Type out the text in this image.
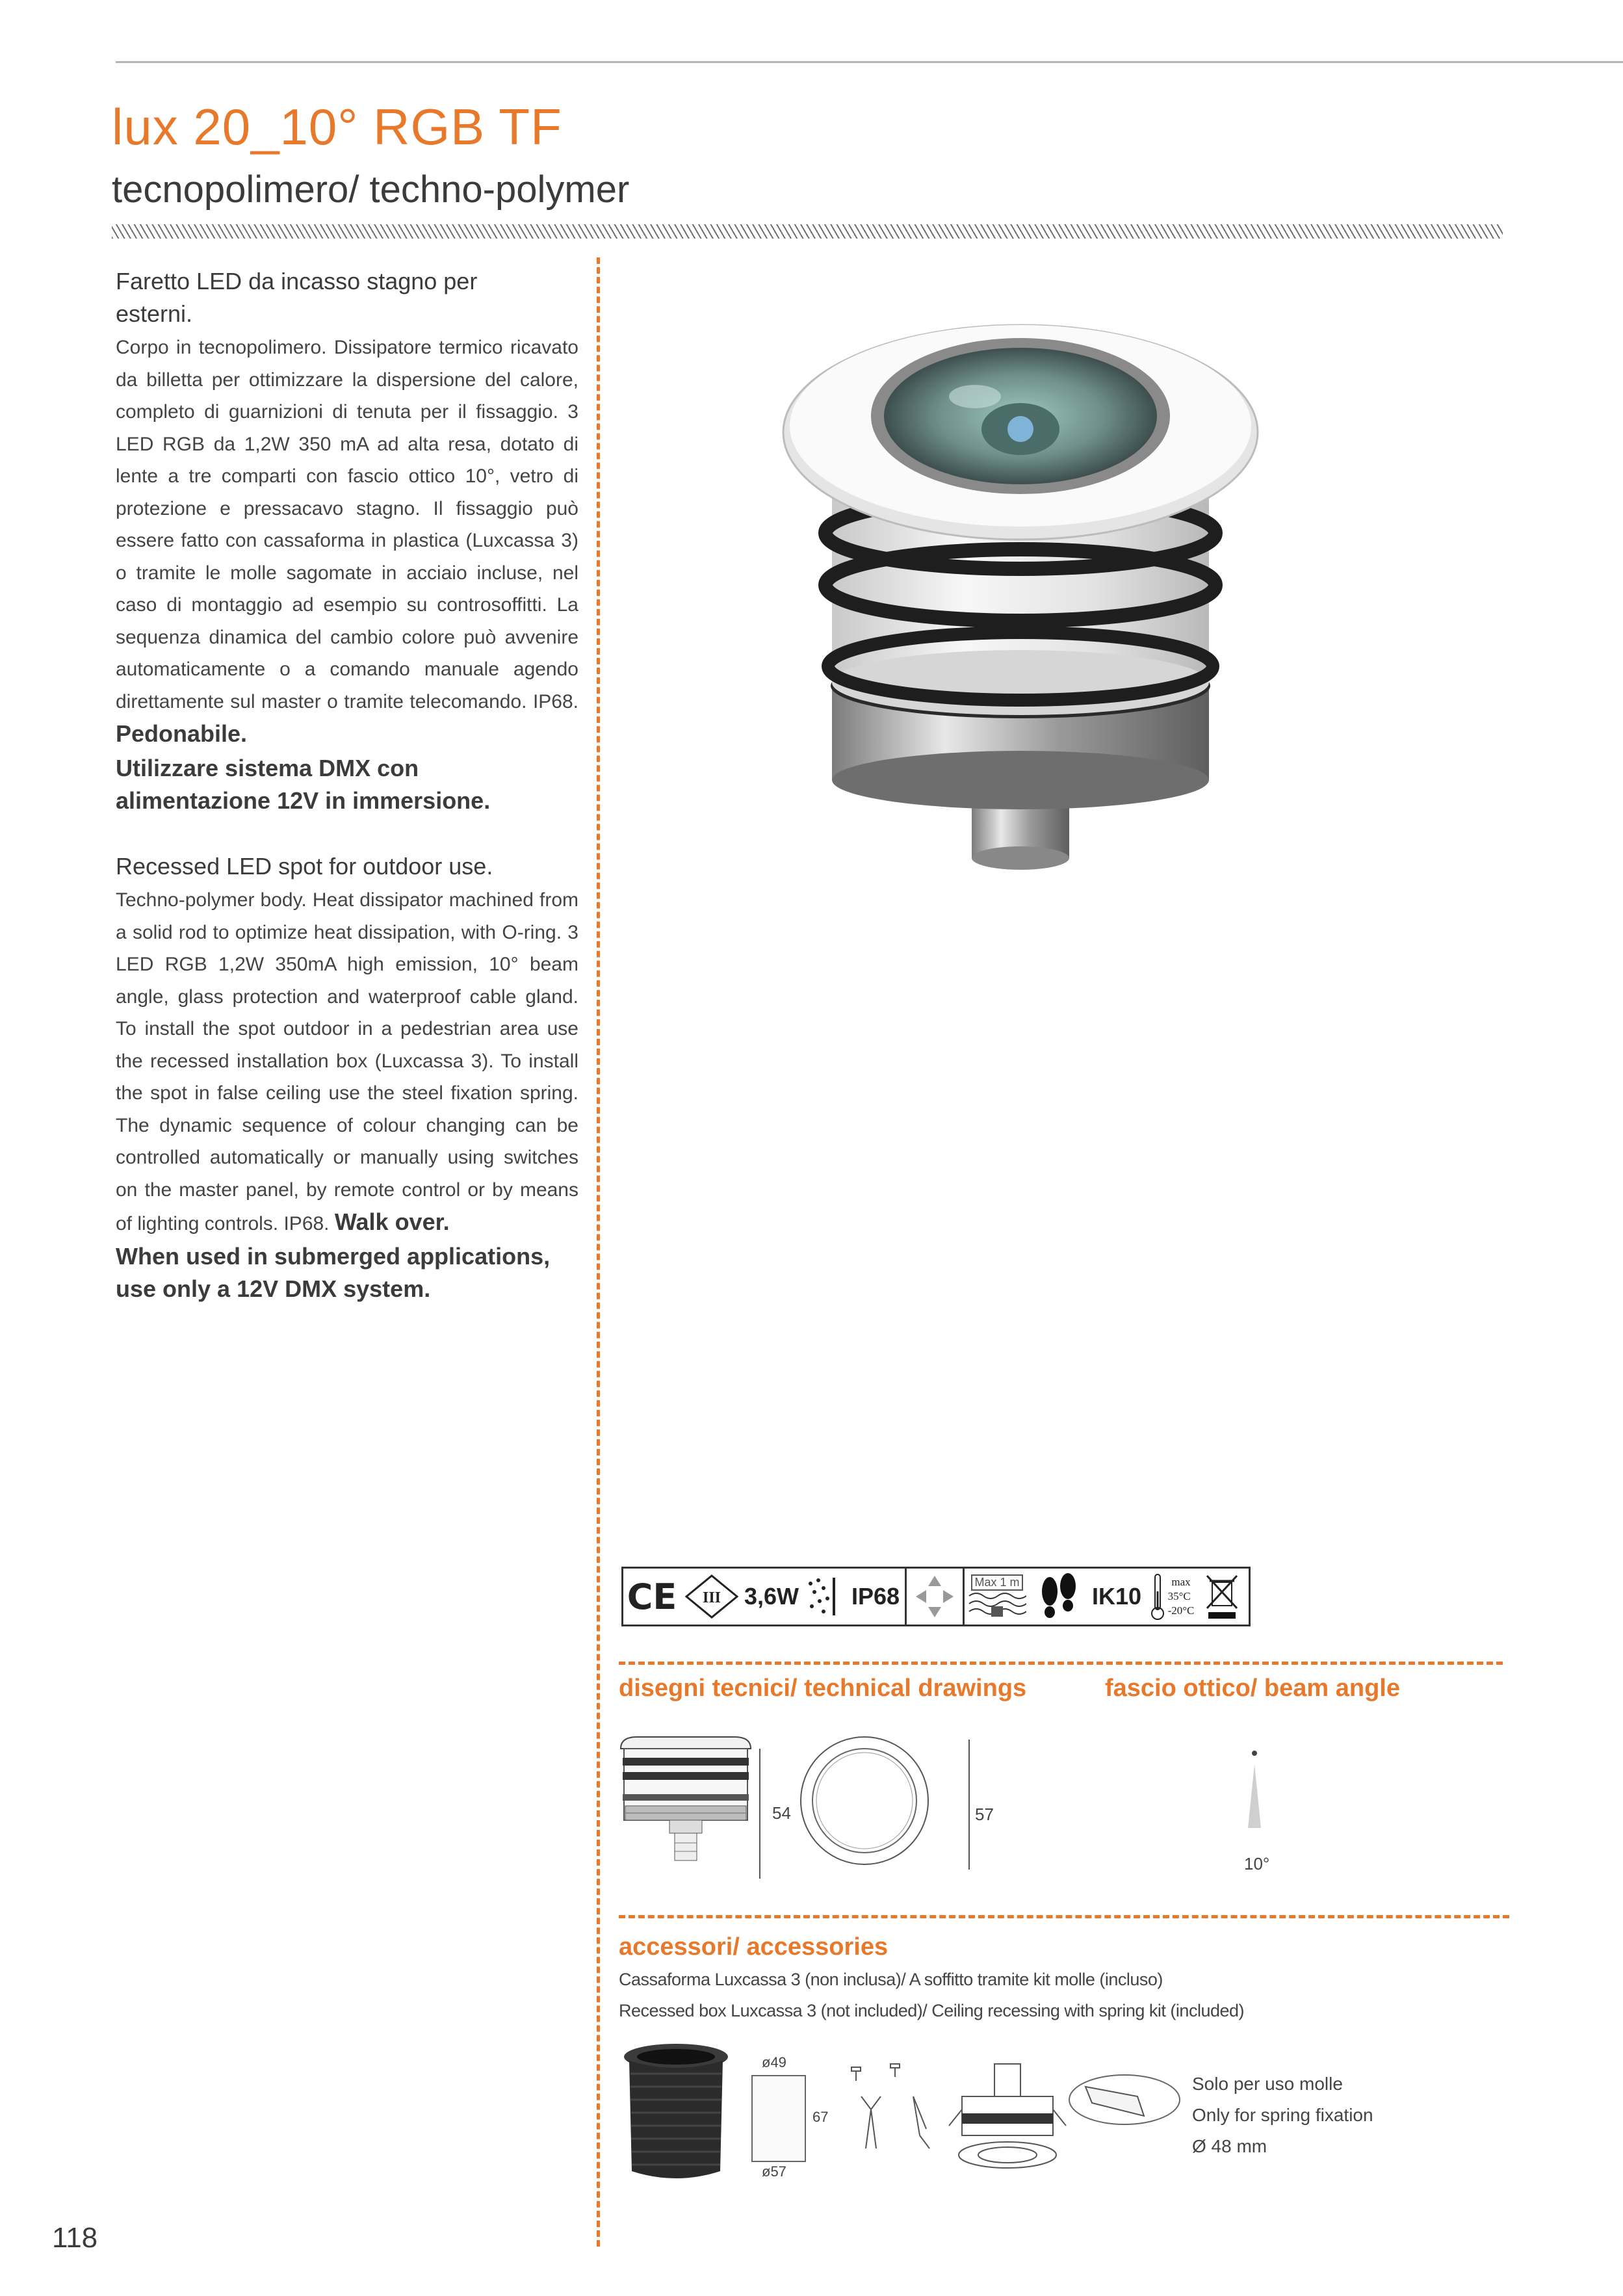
lux 20_10° RGB TF
tecnopolimero/ techno-polymer
Faretto LED da incasso stagno per esterni.

Corpo in tecnopolimero. Dissipatore termico ricavato da billetta per ottimizzare la dispersione del calore, completo di guarnizioni di tenuta per il fissaggio. 3 LED RGB da 1,2W 350 mA ad alta resa, dotato di lente a tre comparti con fascio ottico 10°, vetro di protezione e pressacavo stagno. Il fissaggio può essere fatto con cassaforma in plastica (Luxcassa 3) o tramite le molle sagomate in acciaio incluse, nel caso di montaggio ad esempio su controsoffitti. La sequenza dinamica del cambio colore può avvenire automaticamente o a comando manuale agendo direttamente sul master o tramite telecomando. IP68. Pedonabile.

Utilizzare sistema DMX con alimentazione 12V in immersione.
Recessed LED spot for outdoor use.

Techno-polymer body. Heat dissipator machined from a solid rod to optimize heat dissipation, with O-ring. 3 LED RGB 1,2W 350mA high emission, 10° beam angle, glass protection and waterproof cable gland. To install the spot outdoor in a pedestrian area use the recessed installation box (Luxcassa 3). To install the spot in false ceiling use the steel fixation spring. The dynamic sequence of colour changing can be controlled automatically or manually using switches on the master panel, by remote control or by means of lighting controls. IP68. Walk over.

When used in submerged applications, use only a 12V DMX system.
CE III 3,6W IP68
Max 1 m
IK10
max
35°C
-20°C
disegni tecnici/ technical drawings	fascio ottico/ beam angle
54	57
10°
accessori/ accessories
Cassaforma Luxcassa 3 (non inclusa)/ A soffitto tramite kit molle (incluso)
Recessed box Luxcassa 3 (not included)/ Ceiling recessing with spring kit (included)
ø49
67
ø57
Solo per uso molle
Only for spring fixation
Ø 48 mm
118
